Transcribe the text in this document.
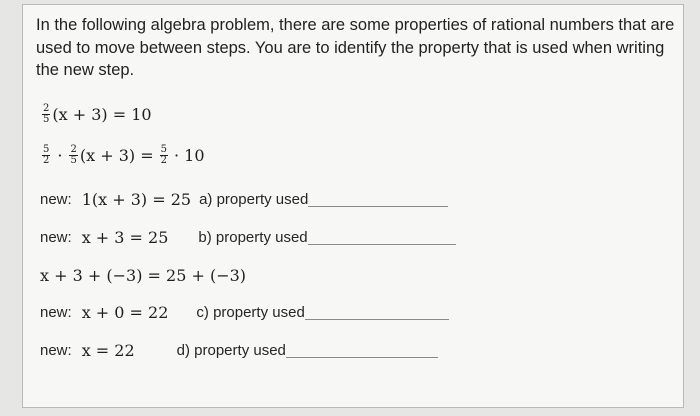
In the following algebra problem, there are some properties of rational numbers that are used to move between steps. You are to identify the property that is used when writing the new step.
$\frac{2}{5} (x + 3) = 10$
$\frac{5}{2} \cdot \frac{2}{5} (x + 3) = \frac{5}{2} \cdot 10$
new: 1(x + 3) = 25 a) property used
new: x + 3 = 25 b) property used
x + 3 + (−3) = 25 + (−3)
new: x + 0 = 22 c) property used
new: x = 22	d) property used
